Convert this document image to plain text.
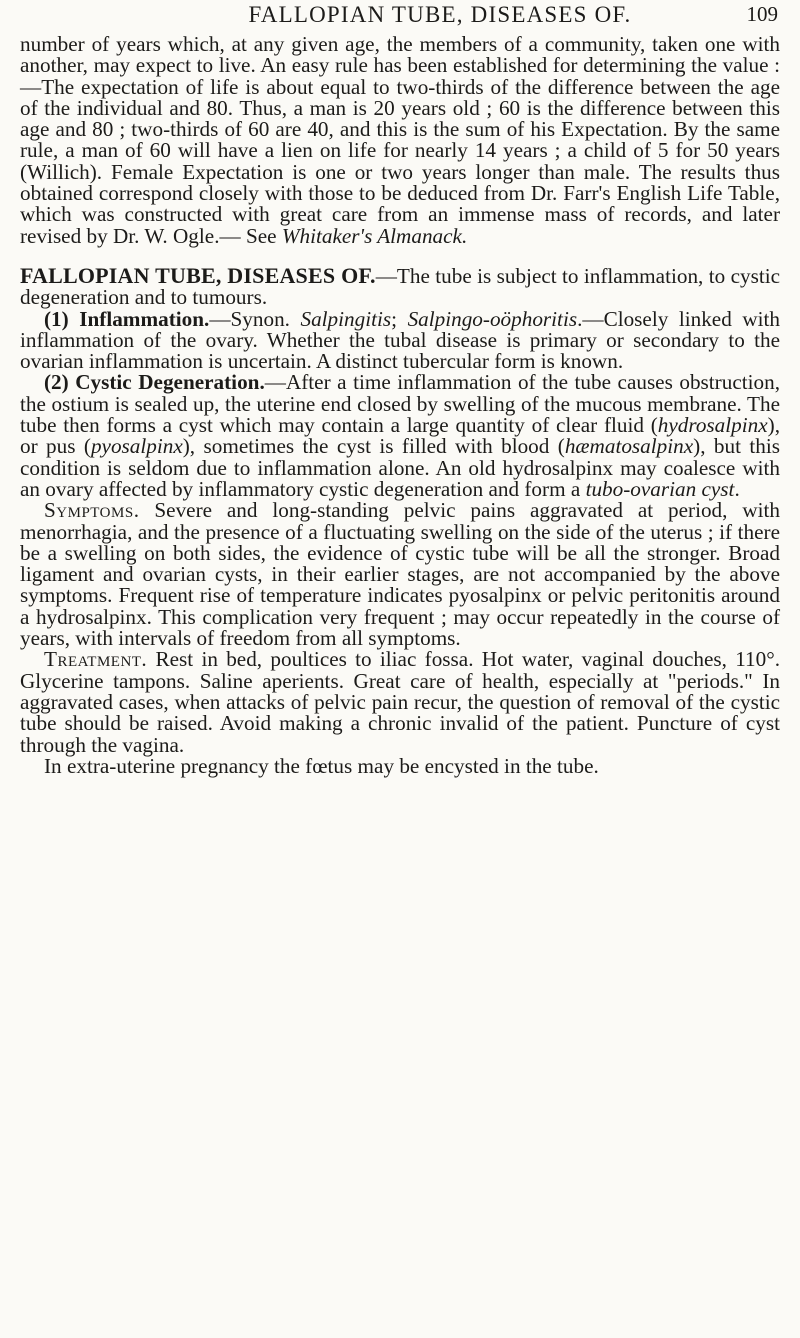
FALLOPIAN TUBE, DISEASES OF.	109

number of years which, at any given age, the members of a community, taken one with another, may expect to live. An easy rule has been established for determining the value :—The expectation of life is about equal to two-thirds of the difference between the age of the individual and 80. Thus, a man is 20 years old ; 60 is the difference between this age and 80 ; two-thirds of 60 are 40, and this is the sum of his Expectation. By the same rule, a man of 60 will have a lien on life for nearly 14 years ; a child of 5 for 50 years (Willich). Female Expectation is one or two years longer than male. The results thus obtained correspond closely with those to be deduced from Dr. Farr's English Life Table, which was constructed with great care from an immense mass of records, and later revised by Dr. W. Ogle.— See Whitaker's Almanack.

FALLOPIAN TUBE, DISEASES OF.—The tube is subject to inflammation, to cystic degeneration and to tumours.

(1) Inflammation.—Synon. Salpingitis; Salpingo-oöphoritis.—Closely linked with inflammation of the ovary. Whether the tubal disease is primary or secondary to the ovarian inflammation is uncertain. A distinct tubercular form is known.

(2) Cystic Degeneration.—After a time inflammation of the tube causes obstruction, the ostium is sealed up, the uterine end closed by swelling of the mucous membrane. The tube then forms a cyst which may contain a large quantity of clear fluid (hydrosalpinx), or pus (pyosalpinx), sometimes the cyst is filled with blood (hæmatosalpinx), but this condition is seldom due to inflammation alone. An old hydrosalpinx may coalesce with an ovary affected by inflammatory cystic degeneration and form a tubo-ovarian cyst.

Symptoms. Severe and long-standing pelvic pains aggravated at period, with menorrhagia, and the presence of a fluctuating swelling on the side of the uterus ; if there be a swelling on both sides, the evidence of cystic tube will be all the stronger. Broad ligament and ovarian cysts, in their earlier stages, are not accompanied by the above symptoms. Frequent rise of temperature indicates pyosalpinx or pelvic peritonitis around a hydrosalpinx. This complication very frequent ; may occur repeatedly in the course of years, with intervals of freedom from all symptoms.

Treatment. Rest in bed, poultices to iliac fossa. Hot water, vaginal douches, 110°. Glycerine tampons. Saline aperients. Great care of health, especially at "periods." In aggravated cases, when attacks of pelvic pain recur, the question of removal of the cystic tube should be raised. Avoid making a chronic invalid of the patient. Puncture of cyst through the vagina.

In extra-uterine pregnancy the fœtus may be encysted in the tube.
